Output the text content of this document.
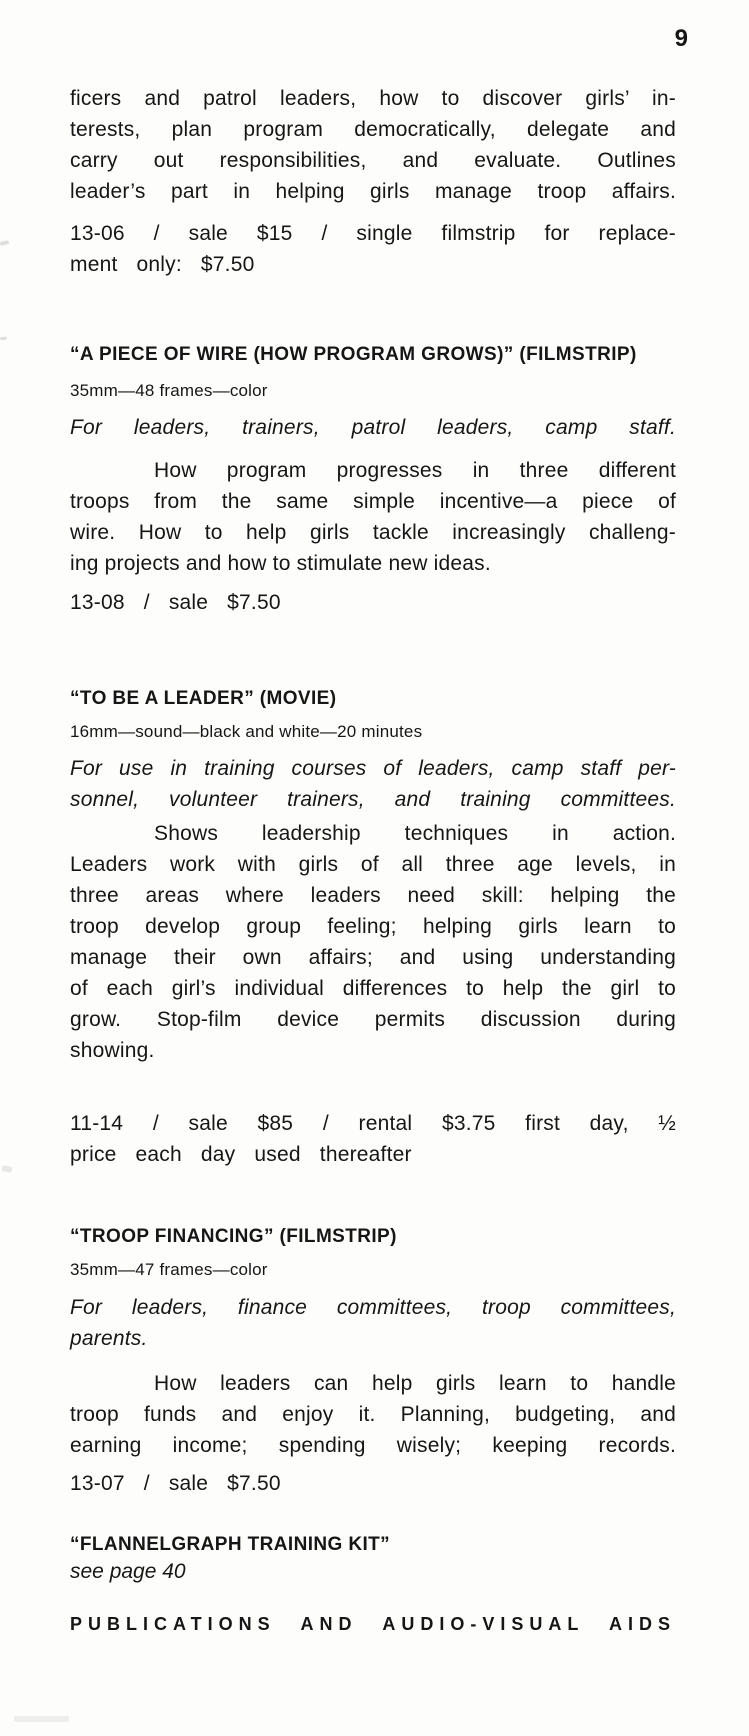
9
ficers and patrol leaders, how to discover girls’ in-
terests, plan program democratically, delegate and
carry out responsibilities, and evaluate. Outlines
leader’s part in helping girls manage troop affairs.
13-06 / sale $15 / single filmstrip for replace-
ment only: $7.50
“A PIECE OF WIRE (HOW PROGRAM GROWS)” (FILMSTRIP)
35mm—48 frames—color
For leaders, trainers, patrol leaders, camp staff.
How program progresses in three different
troops from the same simple incentive—a piece of
wire. How to help girls tackle increasingly challeng-
ing projects and how to stimulate new ideas.
13-08 / sale $7.50
“TO BE A LEADER” (MOVIE)
16mm—sound—black and white—20 minutes
For use in training courses of leaders, camp staff per-
sonnel, volunteer trainers, and training committees.
Shows leadership techniques in action.
Leaders work with girls of all three age levels, in
three areas where leaders need skill: helping the
troop develop group feeling; helping girls learn to
manage their own affairs; and using understanding
of each girl’s individual differences to help the girl to
grow. Stop-film device permits discussion during
showing.
11-14 / sale $85 / rental $3.75 first day, ½
price each day used thereafter
“TROOP FINANCING” (FILMSTRIP)
35mm—47 frames—color
For leaders, finance committees, troop committees,
parents.
How leaders can help girls learn to handle
troop funds and enjoy it. Planning, budgeting, and
earning income; spending wisely; keeping records.
13-07 / sale $7.50
“FLANNELGRAPH TRAINING KIT”
see page 40
PUBLICATIONS AND AUDIO-VISUAL AIDS
